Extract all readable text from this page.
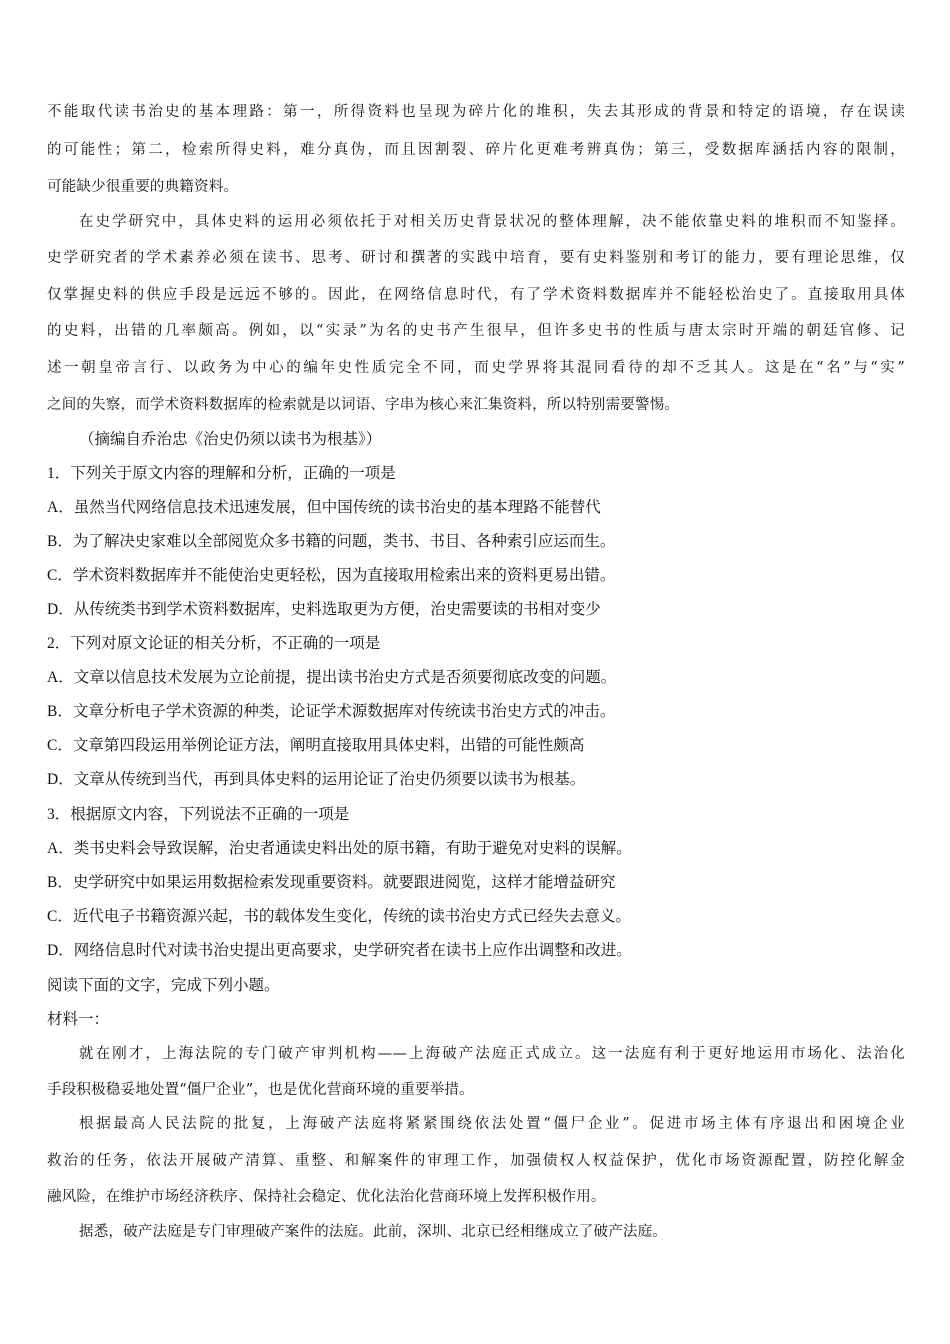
不能取代读书治史的基本理路：第一，所得资料也呈现为碎片化的堆积，失去其形成的背景和特定的语境，存在误读
的可能性；第二，检索所得史料，难分真伪，而且因割裂、碎片化更难考辨真伪；第三，受数据库涵括内容的限制，
可能缺少很重要的典籍资料。
在史学研究中，具体史料的运用必须依托于对相关历史背景状况的整体理解，决不能依靠史料的堆积而不知鉴择。
史学研究者的学术素养必须在读书、思考、研讨和撰著的实践中培育，要有史料鉴别和考订的能力，要有理论思维，仅
仅掌握史料的供应手段是远远不够的。因此，在网络信息时代，有了学术资料数据库并不能轻松治史了。直接取用具体
的史料，出错的几率颇高。例如，以“实录”为名的史书产生很早，但许多史书的性质与唐太宗时开端的朝廷官修、记
述一朝皇帝言行、以政务为中心的编年史性质完全不同，而史学界将其混同看待的却不乏其人。这是在“名”与“实”
之间的失察，而学术资料数据库的检索就是以词语、字串为核心来汇集资料，所以特别需要警惕。
（摘编自乔治忠《治史仍须以读书为根基》）
1．下列关于原文内容的理解和分析，正确的一项是
A．虽然当代网络信息技术迅速发展，但中国传统的读书治史的基本理路不能替代
B．为了解决史家难以全部阅览众多书籍的问题，类书、书目、各种索引应运而生。
C．学术资料数据库并不能使治史更轻松，因为直接取用检索出来的资料更易出错。
D．从传统类书到学术资料数据库，史料选取更为方便，治史需要读的书相对变少
2．下列对原文论证的相关分析，不正确的一项是
A．文章以信息技术发展为立论前提，提出读书治史方式是否须要彻底改变的问题。
B．文章分析电子学术资源的种类，论证学术源数据库对传统读书治史方式的冲击。
C．文章第四段运用举例论证方法，阐明直接取用具体史料，出错的可能性颇高
D．文章从传统到当代，再到具体史料的运用论证了治史仍须要以读书为根基。
3．根据原文内容，下列说法不正确的一项是
A．类书史料会导致误解，治史者通读史料出处的原书籍，有助于避免对史料的误解。
B．史学研究中如果运用数据检索发现重要资料。就要跟进阅览，这样才能增益研究
C．近代电子书籍资源兴起，书的载体发生变化，传统的读书治史方式已经失去意义。
D．网络信息时代对读书治史提出更高要求，史学研究者在读书上应作出调整和改进。
阅读下面的文字，完成下列小题。
材料一：
就在刚才，上海法院的专门破产审判机构——上海破产法庭正式成立。这一法庭有利于更好地运用市场化、法治化
手段积极稳妥地处置“僵尸企业”，也是优化营商环境的重要举措。
根据最高人民法院的批复，上海破产法庭将紧紧围绕依法处置“僵尸企业”。促进市场主体有序退出和困境企业
救治的任务，依法开展破产清算、重整、和解案件的审理工作，加强债权人权益保护，优化市场资源配置，防控化解金
融风险，在维护市场经济秩序、保持社会稳定、优化法治化营商环境上发挥积极作用。
据悉，破产法庭是专门审理破产案件的法庭。此前，深圳、北京已经相继成立了破产法庭。
